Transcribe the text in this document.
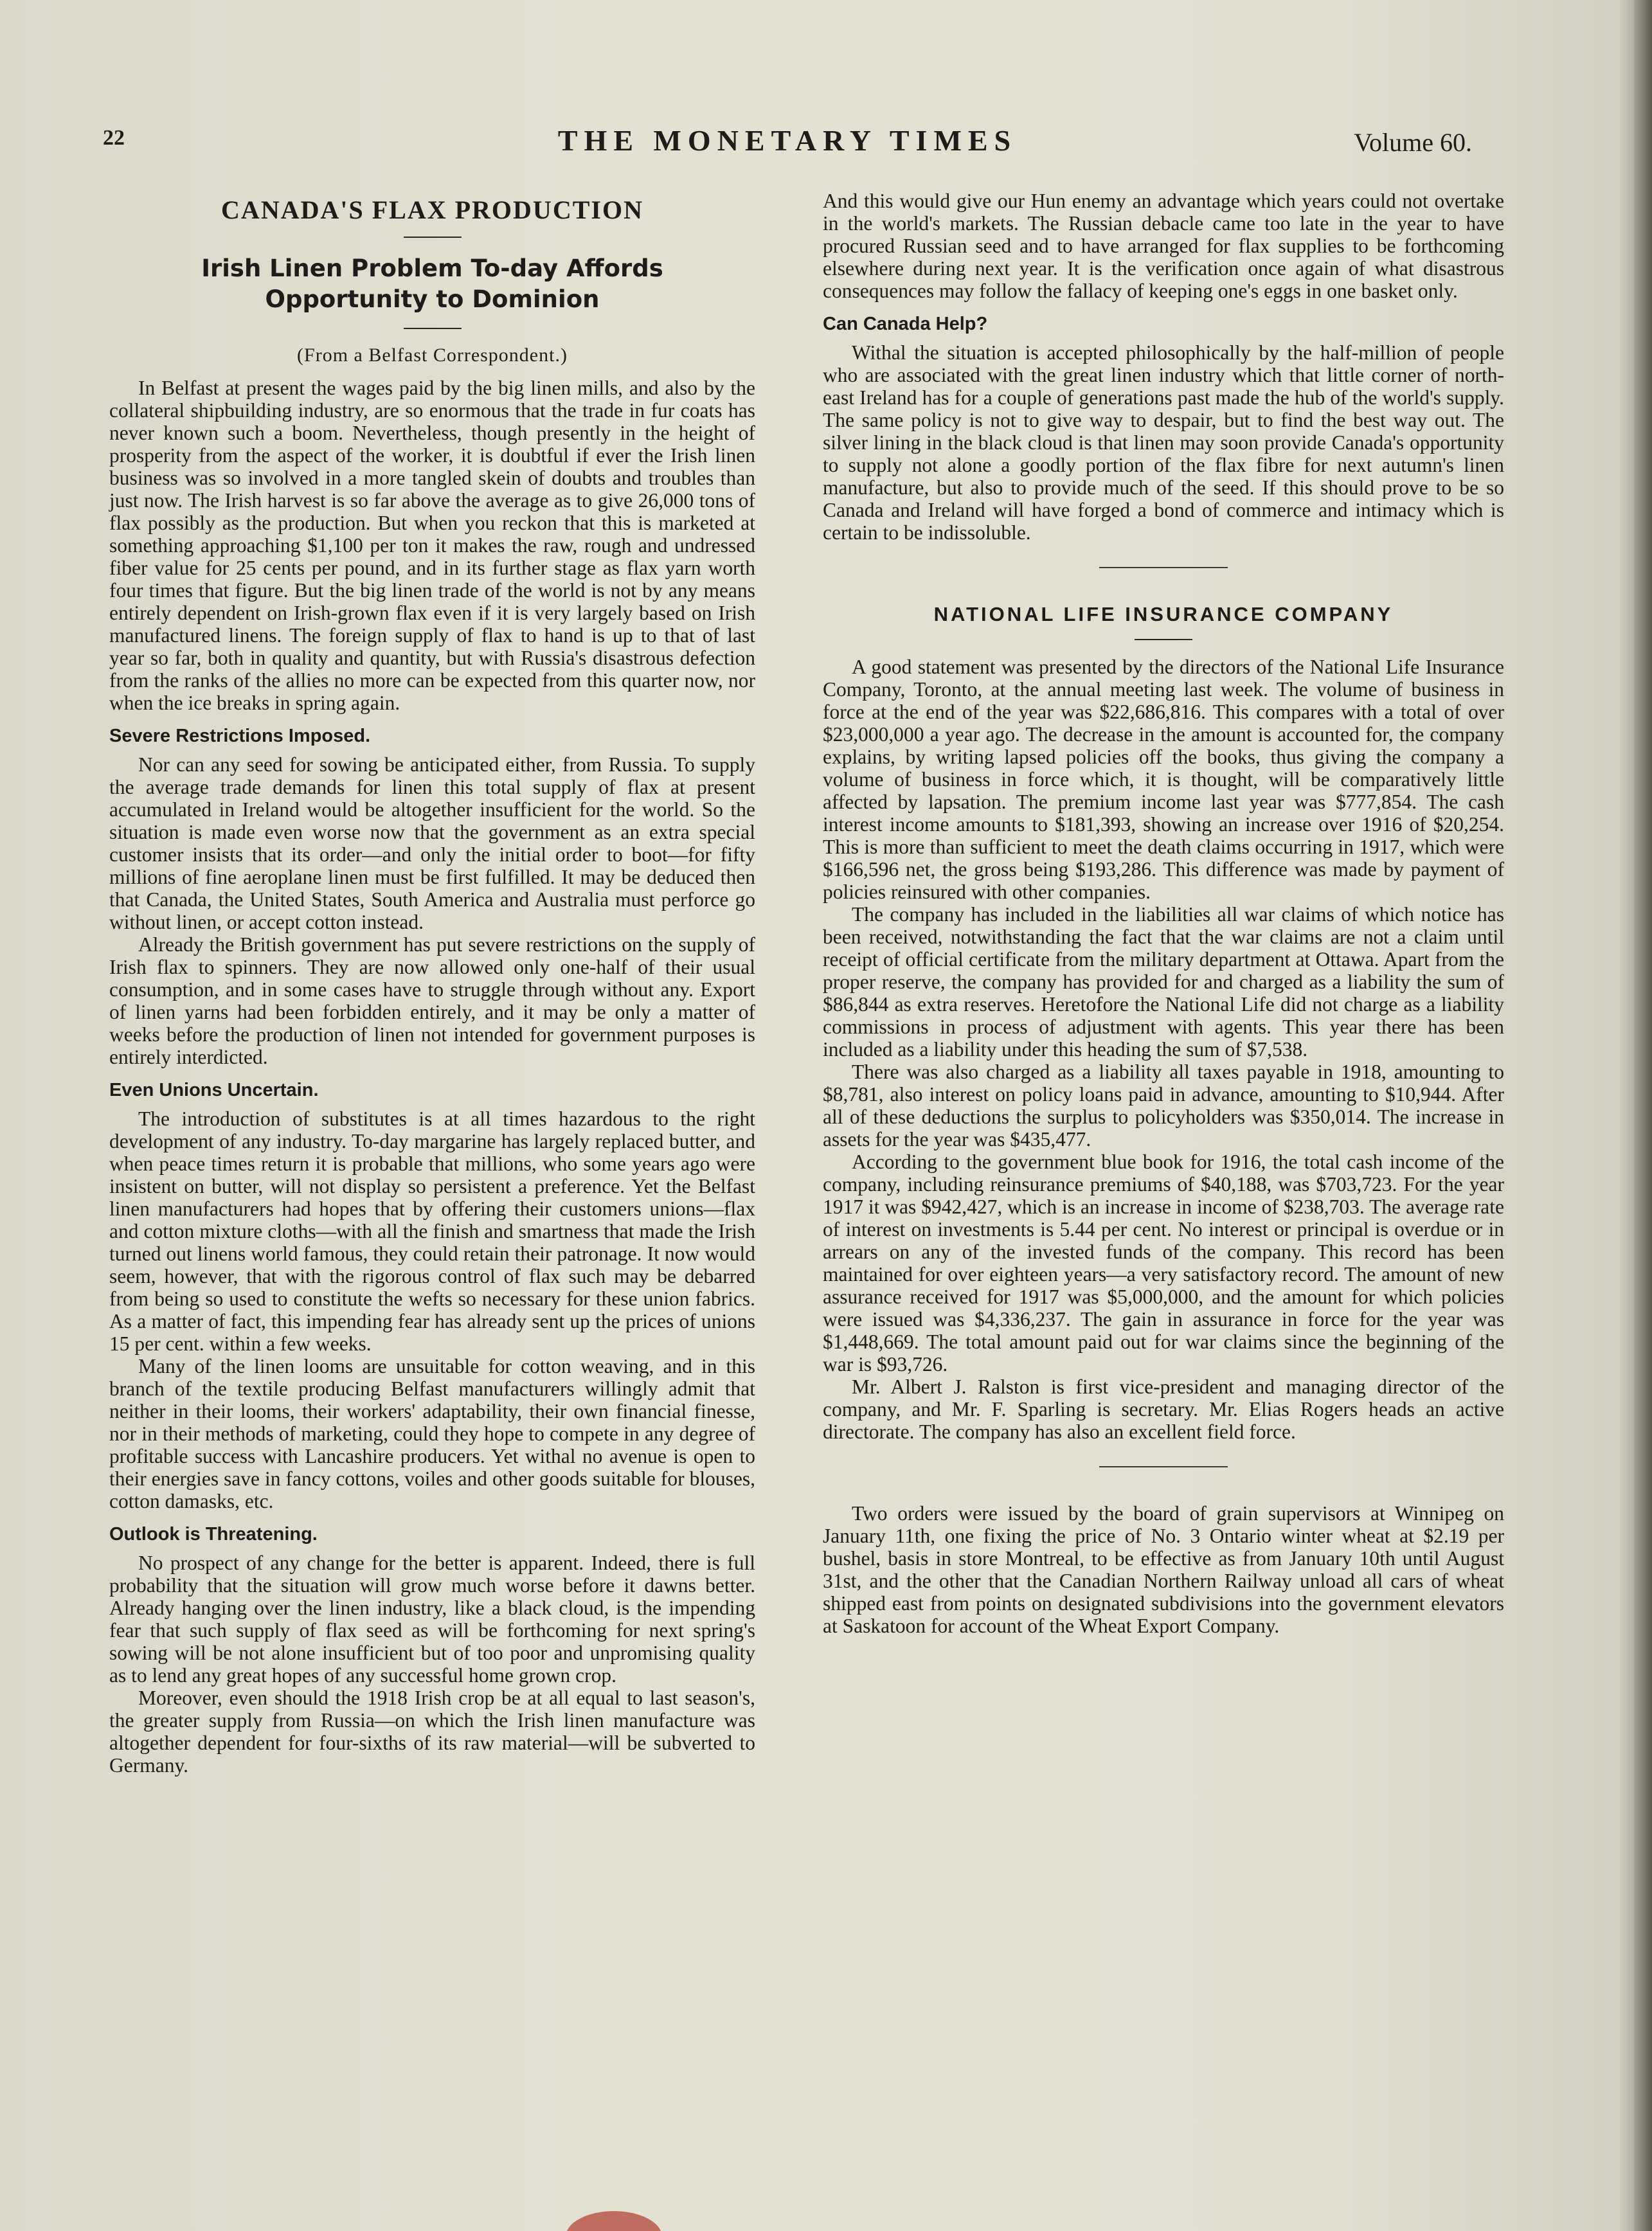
22	THE MONETARY TIMES	Volume 60.
CANADA'S FLAX PRODUCTION
Irish Linen Problem To-day Affords Opportunity to Dominion
(From a Belfast Correspondent.)

In Belfast at present the wages paid by the big linen mills, and also by the collateral shipbuilding industry, are so enormous that the trade in fur coats has never known such a boom. Nevertheless, though presently in the height of prosperity from the aspect of the worker, it is doubtful if ever the Irish linen business was so involved in a more tangled skein of doubts and troubles than just now. The Irish harvest is so far above the average as to give 26,000 tons of flax possibly as the production. But when you reckon that this is marketed at something approaching $1,100 per ton it makes the raw, rough and undressed fiber value for 25 cents per pound, and in its further stage as flax yarn worth four times that figure. But the big linen trade of the world is not by any means entirely dependent on Irish-grown flax even if it is very largely based on Irish manufactured linens. The foreign supply of flax to hand is up to that of last year so far, both in quality and quantity, but with Russia's disastrous defection from the ranks of the allies no more can be expected from this quarter now, nor when the ice breaks in spring again.

Severe Restrictions Imposed.

Nor can any seed for sowing be anticipated either, from Russia. To supply the average trade demands for linen this total supply of flax at present accumulated in Ireland would be altogether insufficient for the world. So the situation is made even worse now that the government as an extra special customer insists that its order—and only the initial order to boot—for fifty millions of fine aeroplane linen must be first fulfilled. It may be deduced then that Canada, the United States, South America and Australia must perforce go without linen, or accept cotton instead.

Already the British government has put severe restrictions on the supply of Irish flax to spinners. They are now allowed only one-half of their usual consumption, and in some cases have to struggle through without any. Export of linen yarns had been forbidden entirely, and it may be only a matter of weeks before the production of linen not intended for government purposes is entirely interdicted.

Even Unions Uncertain.

The introduction of substitutes is at all times hazardous to the right development of any industry. To-day margarine has largely replaced butter, and when peace times return it is probable that millions, who some years ago were insistent on butter, will not display so persistent a preference. Yet the Belfast linen manufacturers had hopes that by offering their customers unions—flax and cotton mixture cloths—with all the finish and smartness that made the Irish turned out linens world famous, they could retain their patronage. It now would seem, however, that with the rigorous control of flax such may be debarred from being so used to constitute the wefts so necessary for these union fabrics. As a matter of fact, this impending fear has already sent up the prices of unions 15 per cent. within a few weeks.

Many of the linen looms are unsuitable for cotton weaving, and in this branch of the textile producing Belfast manufacturers willingly admit that neither in their looms, their workers' adaptability, their own financial finesse, nor in their methods of marketing, could they hope to compete in any degree of profitable success with Lancashire producers. Yet withal no avenue is open to their energies save in fancy cottons, voiles and other goods suitable for blouses, cotton damasks, etc.

Outlook is Threatening.

No prospect of any change for the better is apparent. Indeed, there is full probability that the situation will grow much worse before it dawns better. Already hanging over the linen industry, like a black cloud, is the impending fear that such supply of flax seed as will be forthcoming for next spring's sowing will be not alone insufficient but of too poor and unpromising quality as to lend any great hopes of any successful home grown crop.

Moreover, even should the 1918 Irish crop be at all equal to last season's, the greater supply from Russia—on which the Irish linen manufacture was altogether dependent for four-sixths of its raw material—will be subverted to Germany.

And this would give our Hun enemy an advantage which years could not overtake in the world's markets. The Russian debacle came too late in the year to have procured Russian seed and to have arranged for flax supplies to be forthcoming elsewhere during next year. It is the verification once again of what disastrous consequences may follow the fallacy of keeping one's eggs in one basket only.

Can Canada Help?

Withal the situation is accepted philosophically by the half-million of people who are associated with the great linen industry which that little corner of north-east Ireland has for a couple of generations past made the hub of the world's supply. The same policy is not to give way to despair, but to find the best way out. The silver lining in the black cloud is that linen may soon provide Canada's opportunity to supply not alone a goodly portion of the flax fibre for next autumn's linen manufacture, but also to provide much of the seed. If this should prove to be so Canada and Ireland will have forged a bond of commerce and intimacy which is certain to be indissoluble.

NATIONAL LIFE INSURANCE COMPANY

A good statement was presented by the directors of the National Life Insurance Company, Toronto, at the annual meeting last week. The volume of business in force at the end of the year was $22,686,816. This compares with a total of over $23,000,000 a year ago. The decrease in the amount is accounted for, the company explains, by writing lapsed policies off the books, thus giving the company a volume of business in force which, it is thought, will be comparatively little affected by lapsation. The premium income last year was $777,854. The cash interest income amounts to $181,393, showing an increase over 1916 of $20,254. This is more than sufficient to meet the death claims occurring in 1917, which were $166,596 net, the gross being $193,286. This difference was made by payment of policies reinsured with other companies.

The company has included in the liabilities all war claims of which notice has been received, notwithstanding the fact that the war claims are not a claim until receipt of official certificate from the military department at Ottawa. Apart from the proper reserve, the company has provided for and charged as a liability the sum of $86,844 as extra reserves. Heretofore the National Life did not charge as a liability commissions in process of adjustment with agents. This year there has been included as a liability under this heading the sum of $7,538.

There was also charged as a liability all taxes payable in 1918, amounting to $8,781, also interest on policy loans paid in advance, amounting to $10,944. After all of these deductions the surplus to policyholders was $350,014. The increase in assets for the year was $435,477.

According to the government blue book for 1916, the total cash income of the company, including reinsurance premiums of $40,188, was $703,723. For the year 1917 it was $942,427, which is an increase in income of $238,703. The average rate of interest on investments is 5.44 per cent. No interest or principal is overdue or in arrears on any of the invested funds of the company. This record has been maintained for over eighteen years—a very satisfactory record. The amount of new assurance received for 1917 was $5,000,000, and the amount for which policies were issued was $4,336,237. The gain in assurance in force for the year was $1,448,669. The total amount paid out for war claims since the beginning of the war is $93,726.

Mr. Albert J. Ralston is first vice-president and managing director of the company, and Mr. F. Sparling is secretary. Mr. Elias Rogers heads an active directorate. The company has also an excellent field force.

Two orders were issued by the board of grain supervisors at Winnipeg on January 11th, one fixing the price of No. 3 Ontario winter wheat at $2.19 per bushel, basis in store Montreal, to be effective as from January 10th until August 31st, and the other that the Canadian Northern Railway unload all cars of wheat shipped east from points on designated subdivisions into the government elevators at Saskatoon for account of the Wheat Export Company.
